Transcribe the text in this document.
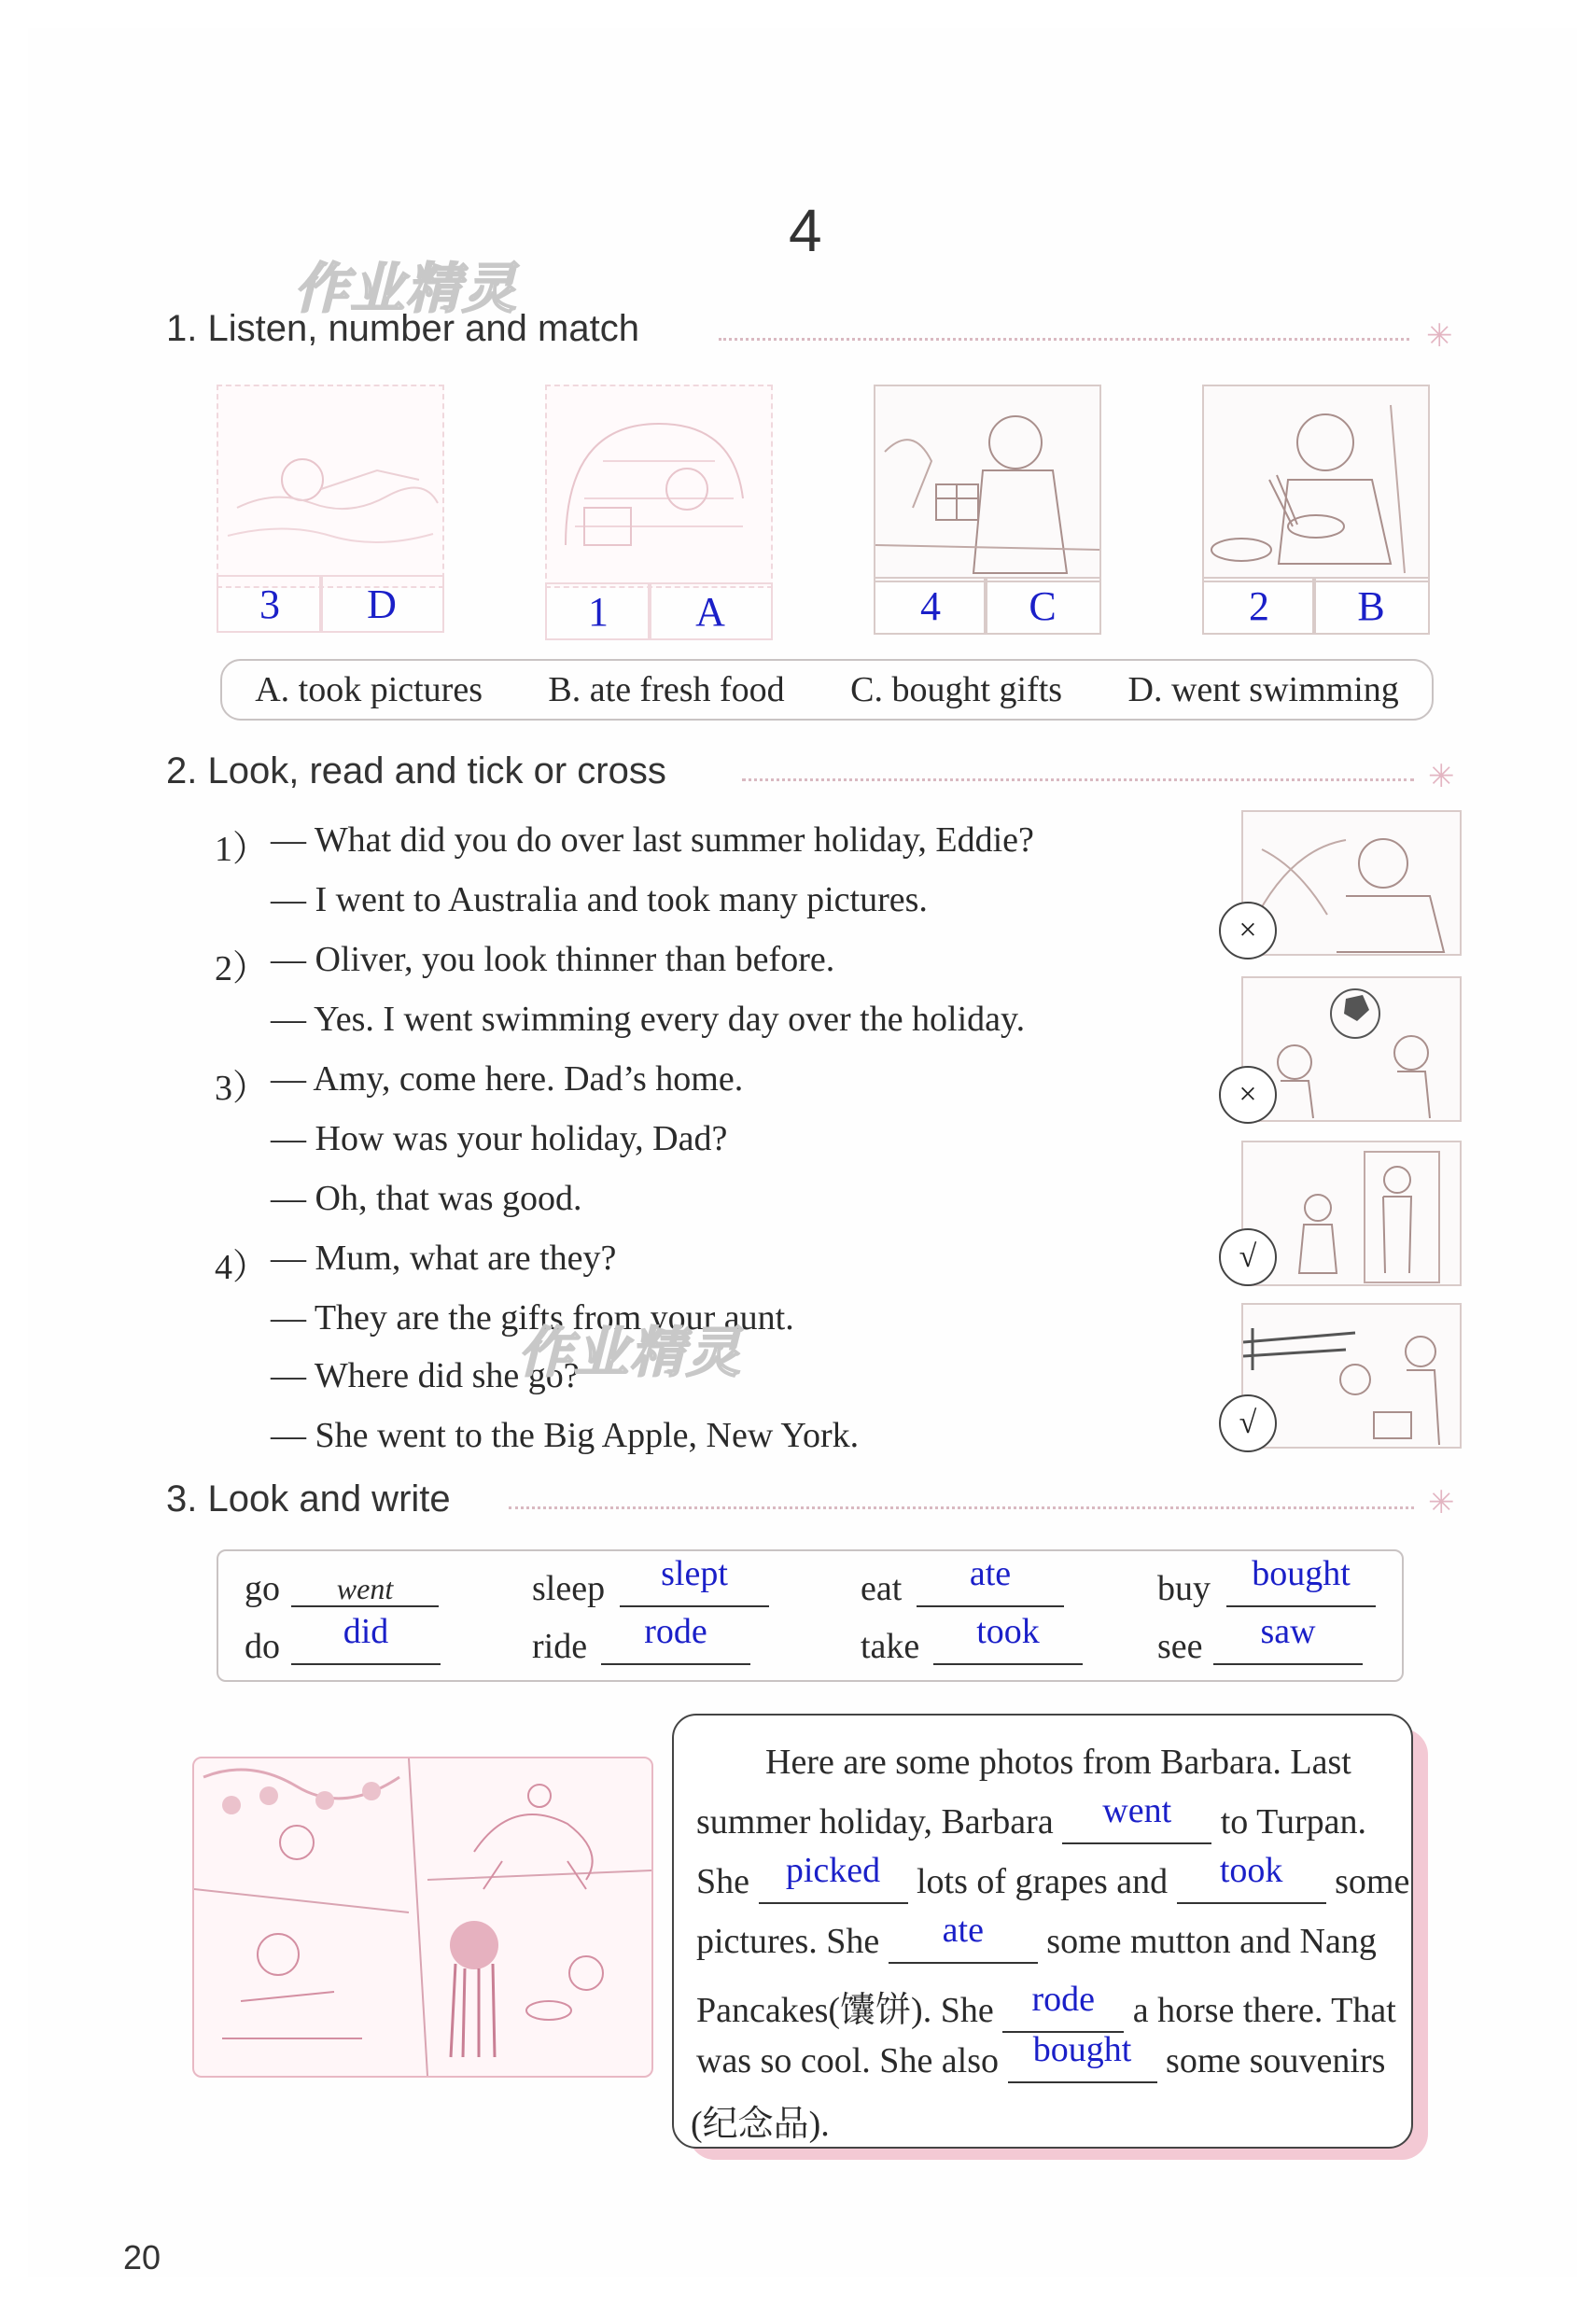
4
作业精灵
1. Listen, number and match	✳
3	D	1	A	4	C	2	B
A. took pictures B. ate fresh food C. bought gifts D. went swimming
2. Look, read and tick or cross	✳
1） — What did you do over last summer holiday, Eddie?
— I went to Australia and took many pictures.
2） — Oliver, you look thinner than before.
— Yes. I went swimming every day over the holiday.
3） — Amy, come here. Dad’s home.
— How was your holiday, Dad?
— Oh, that was good.
4） — Mum, what are they?
— They are the gifts from your aunt.
— Where did she go?
— She went to the Big Apple, New York.
作业精灵
×
×
√
√
3. Look and write	✳
go	went	sleep	slept	eat	ate	buy	bought
do	did	ride	rode	take	took	see	saw
Here are some photos from Barbara. Last
summer holiday, Barbara went to Turpan.
She picked lots of grapes and took some
pictures. She ate some mutton and Nang
Pancakes(馕饼). She rode a horse there. That
was so cool. She also bought some souvenirs
(纪念品).
20
